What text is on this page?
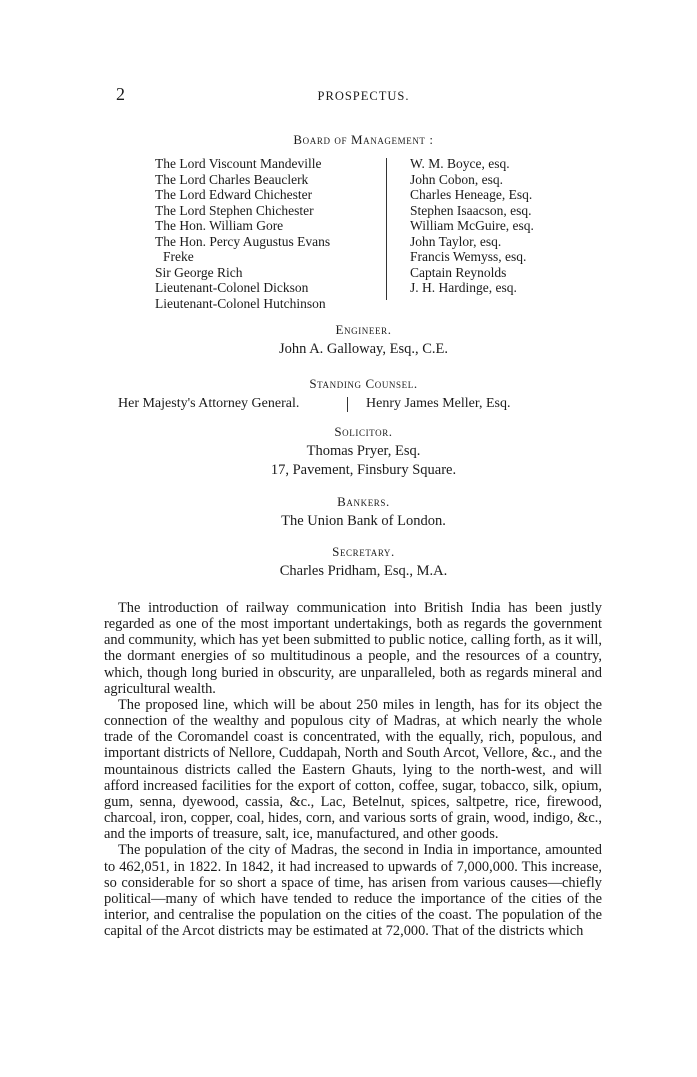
2	PROSPECTUS.
Board of Management :
The Lord Viscount Mandeville
The Lord Charles Beauclerk
The Lord Edward Chichester
The Lord Stephen Chichester
The Hon. William Gore
The Hon. Percy Augustus Evans
Freke
Sir George Rich
Lieutenant-Colonel Dickson
Lieutenant-Colonel Hutchinson
W. M. Boyce, esq.
John Cobon, esq.
Charles Heneage, Esq.
Stephen Isaacson, esq.
William McGuire, esq.
John Taylor, esq.
Francis Wemyss, esq.
Captain Reynolds
J. H. Hardinge, esq.
Engineer.
John A. Galloway, Esq., C.E.
Standing Counsel.
Her Majesty's Attorney General.	Henry James Meller, Esq.
Solicitor.
Thomas Pryer, Esq.
17, Pavement, Finsbury Square.
Bankers.
The Union Bank of London.
Secretary.
Charles Pridham, Esq., M.A.

The introduction of railway communication into British India has been justly regarded as one of the most important undertakings, both as regards the government and community, which has yet been submitted to public notice, calling forth, as it will, the dormant energies of so multitudinous a people, and the resources of a country, which, though long buried in obscurity, are unparalleled, both as regards mineral and agricultural wealth.

The proposed line, which will be about 250 miles in length, has for its object the connection of the wealthy and populous city of Madras, at which nearly the whole trade of the Coromandel coast is concentrated, with the equally, rich, populous, and important districts of Nellore, Cuddapah, North and South Arcot, Vellore, &c., and the mountainous districts called the Eastern Ghauts, lying to the north-west, and will afford increased facilities for the export of cotton, coffee, sugar, tobacco, silk, opium, gum, senna, dyewood, cassia, &c., Lac, Betelnut, spices, saltpetre, rice, firewood, charcoal, iron, copper, coal, hides, corn, and various sorts of grain, wood, indigo, &c., and the imports of treasure, salt, ice, manufactured, and other goods.

The population of the city of Madras, the second in India in importance, amounted to 462,051, in 1822. In 1842, it had increased to upwards of 7,000,000. This increase, so considerable for so short a space of time, has arisen from various causes—chiefly political—many of which have tended to reduce the importance of the cities of the interior, and centralise the population on the cities of the coast. The population of the capital of the Arcot districts may be estimated at 72,000. That of the districts which
